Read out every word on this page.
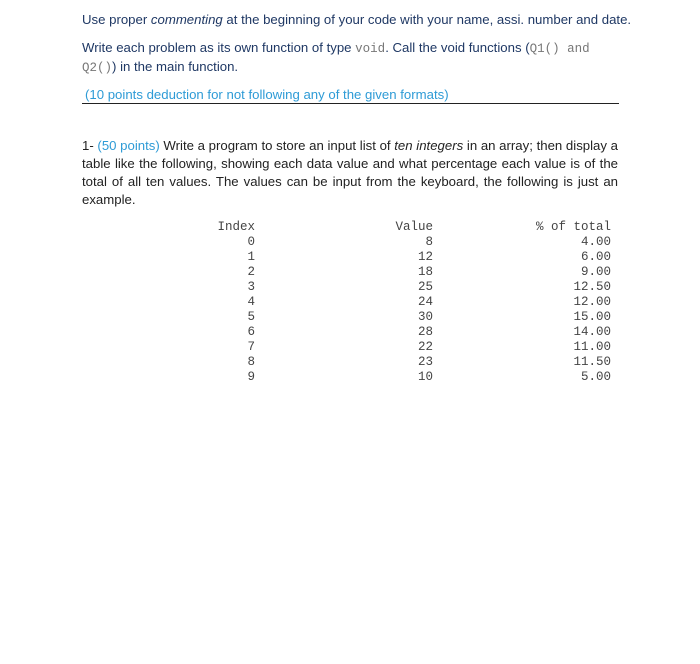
Use proper commenting at the beginning of your code with your name, assi. number and date.
Write each problem as its own function of type void. Call the void functions (Q1() and Q2()) in the main function.
(10 points deduction for not following any of the given formats)
1- (50 points) Write a program to store an input list of ten integers in an array; then display a table like the following, showing each data value and what percentage each value is of the total of all ten values. The values can be input from the keyboard, the following is just an example.
Index
0
1
2
3
4
5
6
7
8
9
Value
8
12
18
25
24
30
28
22
23
10
% of total
4.00
6.00
9.00
12.50
12.00
15.00
14.00
11.00
11.50
5.00
